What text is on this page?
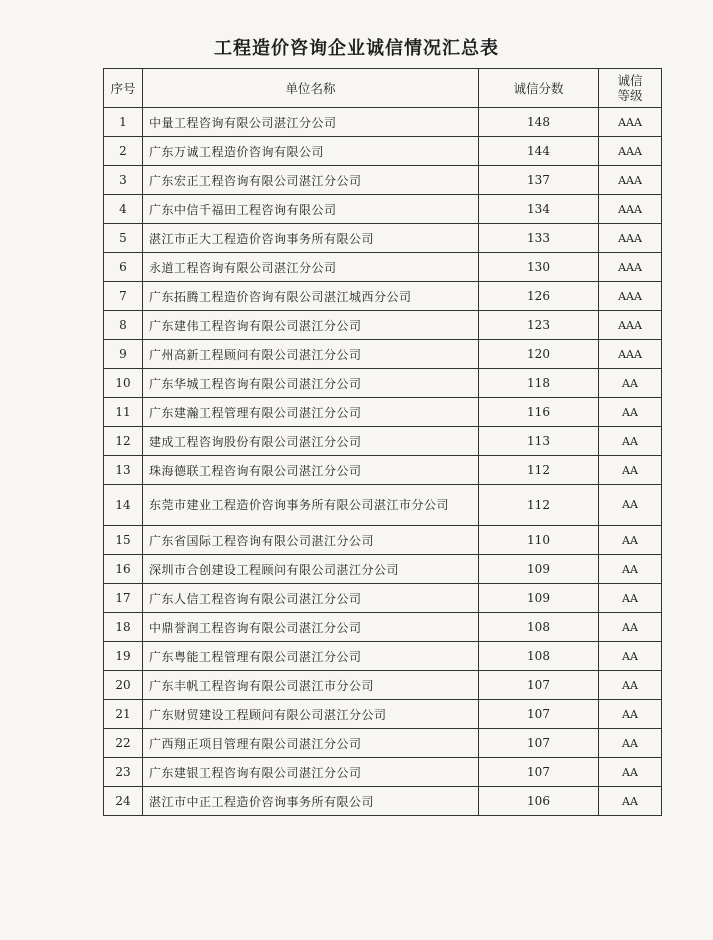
工程造价咨询企业诚信情况汇总表
序号	单位名称	诚信分数	诚信
等级

1	中量工程咨询有限公司湛江分公司	148	AAA
2	广东万诚工程造价咨询有限公司	144	AAA
3	广东宏正工程咨询有限公司湛江分公司	137	AAA
4	广东中信千福田工程咨询有限公司	134	AAA
5	湛江市正大工程造价咨询事务所有限公司	133	AAA
6	永道工程咨询有限公司湛江分公司	130	AAA
7	广东拓腾工程造价咨询有限公司湛江城西分公司	126	AAA
8	广东建伟工程咨询有限公司湛江分公司	123	AAA
9	广州高新工程顾问有限公司湛江分公司	120	AAA
10	广东华城工程咨询有限公司湛江分公司	118	AA
11	广东建瀚工程管理有限公司湛江分公司	116	AA
12	建成工程咨询股份有限公司湛江分公司	113	AA
13	珠海德联工程咨询有限公司湛江分公司	112	AA
14	东莞市建业工程造价咨询事务所有限公司湛江市分公司	112	AA
15	广东省国际工程咨询有限公司湛江分公司	110	AA
16	深圳市合创建设工程顾问有限公司湛江分公司	109	AA
17	广东人信工程咨询有限公司湛江分公司	109	AA
18	中鼎誉润工程咨询有限公司湛江分公司	108	AA
19	广东粤能工程管理有限公司湛江分公司	108	AA
20	广东丰帆工程咨询有限公司湛江市分公司	107	AA
21	广东财贸建设工程顾问有限公司湛江分公司	107	AA
22	广西翔正项目管理有限公司湛江分公司	107	AA
23	广东建银工程咨询有限公司湛江分公司	107	AA
24	湛江市中正工程造价咨询事务所有限公司	106	AA
